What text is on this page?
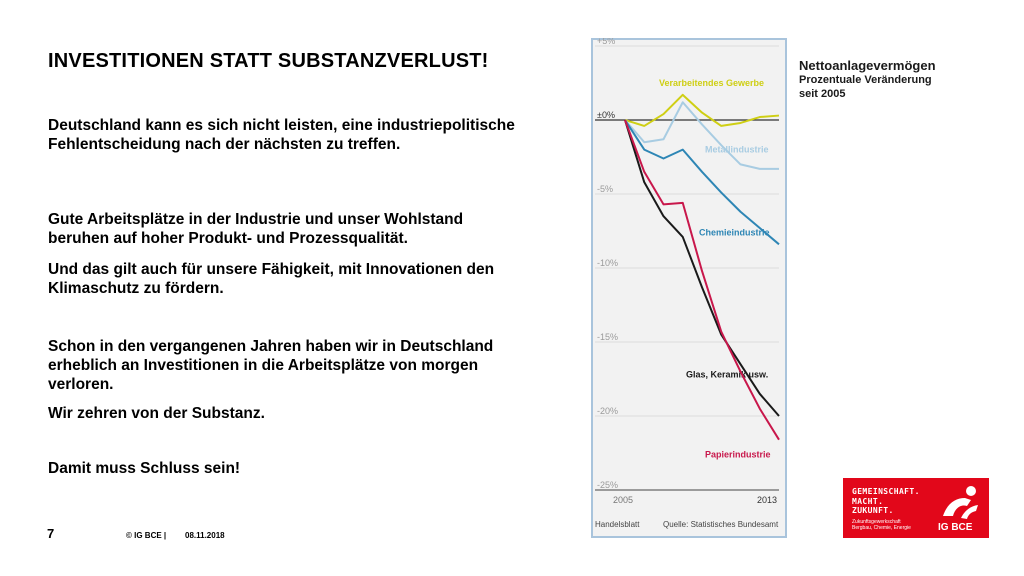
INVESTITIONEN STATT SUBSTANZVERLUST!

Deutschland kann es sich nicht leisten, eine industriepolitische Fehlentscheidung nach der nächsten zu treffen.

Gute Arbeitsplätze in der Industrie und unser Wohlstand beruhen auf hoher Produkt- und Prozessqualität.

Und das gilt auch für unsere Fähigkeit, mit Innovationen den Klimaschutz zu fördern.

Schon in den vergangenen Jahren haben wir in Deutschland erheblich an Investitionen in die Arbeitsplätze von morgen verloren.

Wir zehren von der Substanz.

Damit muss Schluss sein!

+5%
±0%
-5%
-10%
-15%
-20%
-25%
2005	2013
Handelsblatt	Quelle: Statistisches Bundesamt
Verarbeitendes Gewerbe
Metallindustrie
Chemieindustrie
Glas, Keramik usw.
Papierindustrie
Nettoanlagevermögen
Prozentuale Veränderung
seit 2005
7	© IG BCE | 08.11.2018
GEMEINSCHAFT.
MACHT.
ZUKUNFT.
Zukunftsgewerkschaft
Bergbau, Chemie, Energie	IG BCE
